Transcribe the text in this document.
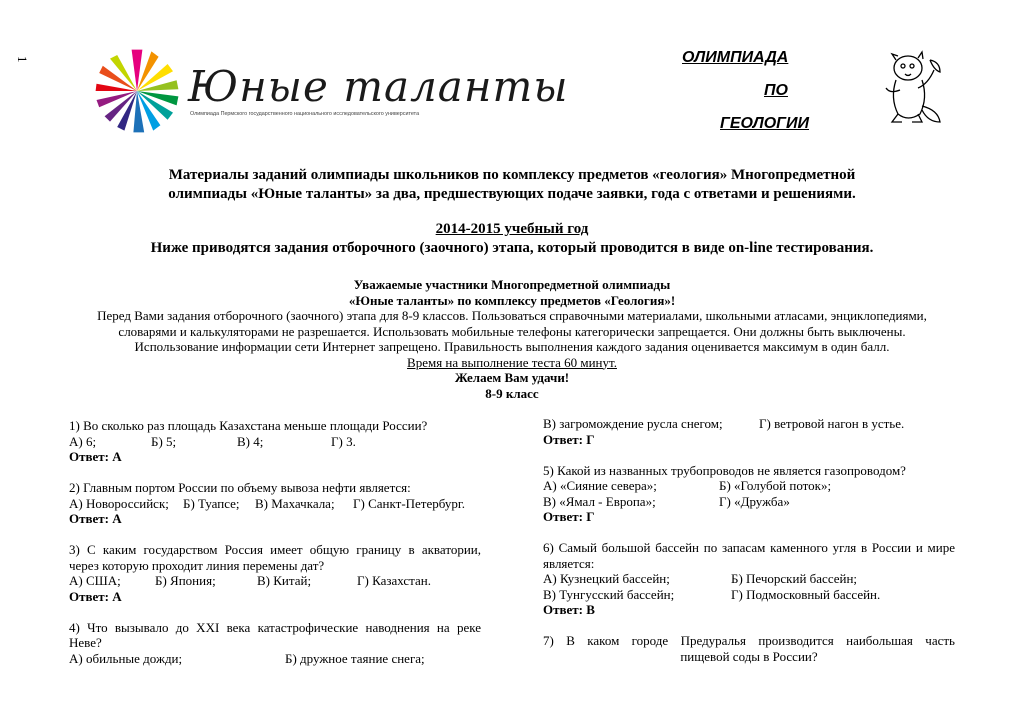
1
Юные таланты
Олимпиада Пермского государственного национального исследовательского университета
ОЛИМПИАДА
ПО
ГЕОЛОГИИ
Материалы заданий олимпиады школьников по комплексу предметов «геология» Многопредметной
олимпиады «Юные таланты» за два, предшествующих подаче заявки, года с ответами и решениями.
2014-2015 учебный год
Ниже приводятся задания отборочного (заочного) этапа, который проводится в виде on-line тестирования.
Уважаемые участники Многопредметной олимпиады
«Юные таланты» по комплексу предметов «Геология»!
Перед Вами задания отборочного (заочного) этапа для 8-9 классов. Пользоваться справочными материалами, школьными атласами, энциклопедиями,
словарями и калькуляторами не разрешается. Использовать мобильные телефоны категорически запрещается. Они должны быть выключены.
Использование информации сети Интернет запрещено. Правильность выполнения каждого задания оценивается максимум в один балл.
Время на выполнение теста 60 минут.
Желаем Вам удачи!
8-9 класс
1) Во сколько раз площадь Казахстана меньше площади России?
А) 6;	Б) 5;	В) 4;	Г) 3.
Ответ: А
2) Главным портом России по объему вывоза нефти является:
А) Новороссийск;	Б) Туапсе;	В) Махачкала;	Г) Санкт-Петербург.
Ответ: А
3) С каким государством Россия имеет общую границу в акватории,
через которую проходит линия перемены дат?
А) США;	Б) Япония;	В) Китай;	Г) Казахстан.
Ответ: А
4) Что вызывало до XXI века катастрофические наводнения на реке
Неве?
А) обильные дожди;	Б) дружное таяние снега;
В) загромождение русла снегом;	Г) ветровой нагон в устье.
Ответ: Г
5) Какой из названных трубопроводов не является газопроводом?
А) «Сияние севера»;	Б) «Голубой поток»;
В) «Ямал - Европа»;	Г) «Дружба»
Ответ: Г
6) Самый большой бассейн по запасам каменного угля в России и мире
является:
А) Кузнецкий бассейн;	Б) Печорский бассейн;
В) Тунгусский бассейн;	Г) Подмосковный бассейн.
Ответ: В
7) В каком городе Предуралья производится наибольшая часть
пищевой соды в России?
